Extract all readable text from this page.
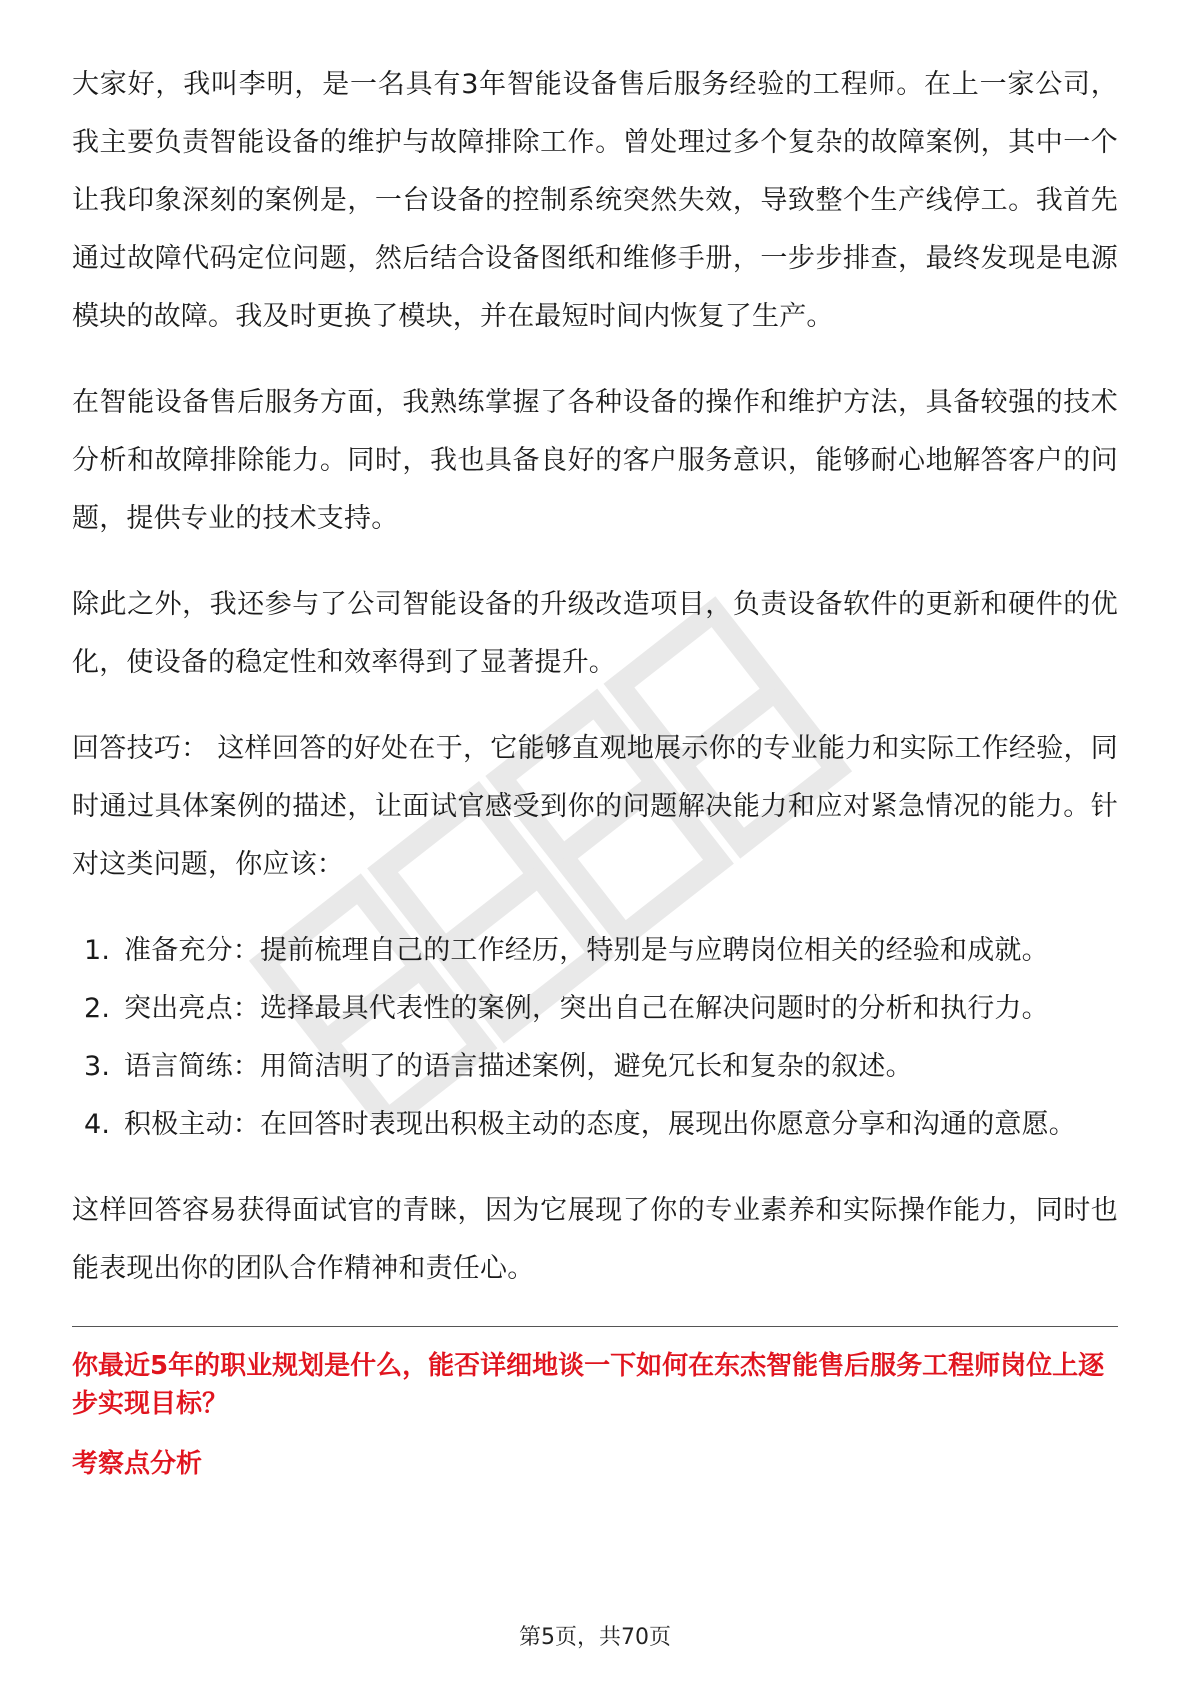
大家好，我叫李明，是一名具有3年智能设备售后服务经验的工程师。在上一家公司，我主要负责智能设备的维护与故障排除工作。曾处理过多个复杂的故障案例，其中一个让我印象深刻的案例是，一台设备的控制系统突然失效，导致整个生产线停工。我首先通过故障代码定位问题，然后结合设备图纸和维修手册，一步步排查，最终发现是电源模块的故障。我及时更换了模块，并在最短时间内恢复了生产。

在智能设备售后服务方面，我熟练掌握了各种设备的操作和维护方法，具备较强的技术分析和故障排除能力。同时，我也具备良好的客户服务意识，能够耐心地解答客户的问题，提供专业的技术支持。

除此之外，我还参与了公司智能设备的升级改造项目，负责设备软件的更新和硬件的优化，使设备的稳定性和效率得到了显著提升。

回答技巧： 这样回答的好处在于，它能够直观地展示你的专业能力和实际工作经验，同时通过具体案例的描述，让面试官感受到你的问题解决能力和应对紧急情况的能力。针对这类问题，你应该：

1. 准备充分：提前梳理自己的工作经历，特别是与应聘岗位相关的经验和成就。
2. 突出亮点：选择最具代表性的案例，突出自己在解决问题时的分析和执行力。
3. 语言简练：用简洁明了的语言描述案例，避免冗长和复杂的叙述。
4. 积极主动：在回答时表现出积极主动的态度，展现出你愿意分享和沟通的意愿。

这样回答容易获得面试官的青睐，因为它展现了你的专业素养和实际操作能力，同时也能表现出你的团队合作精神和责任心。

你最近5年的职业规划是什么，能否详细地谈一下如何在东杰智能售后服务工程师岗位上逐步实现目标？

考察点分析

第5页，共70页
